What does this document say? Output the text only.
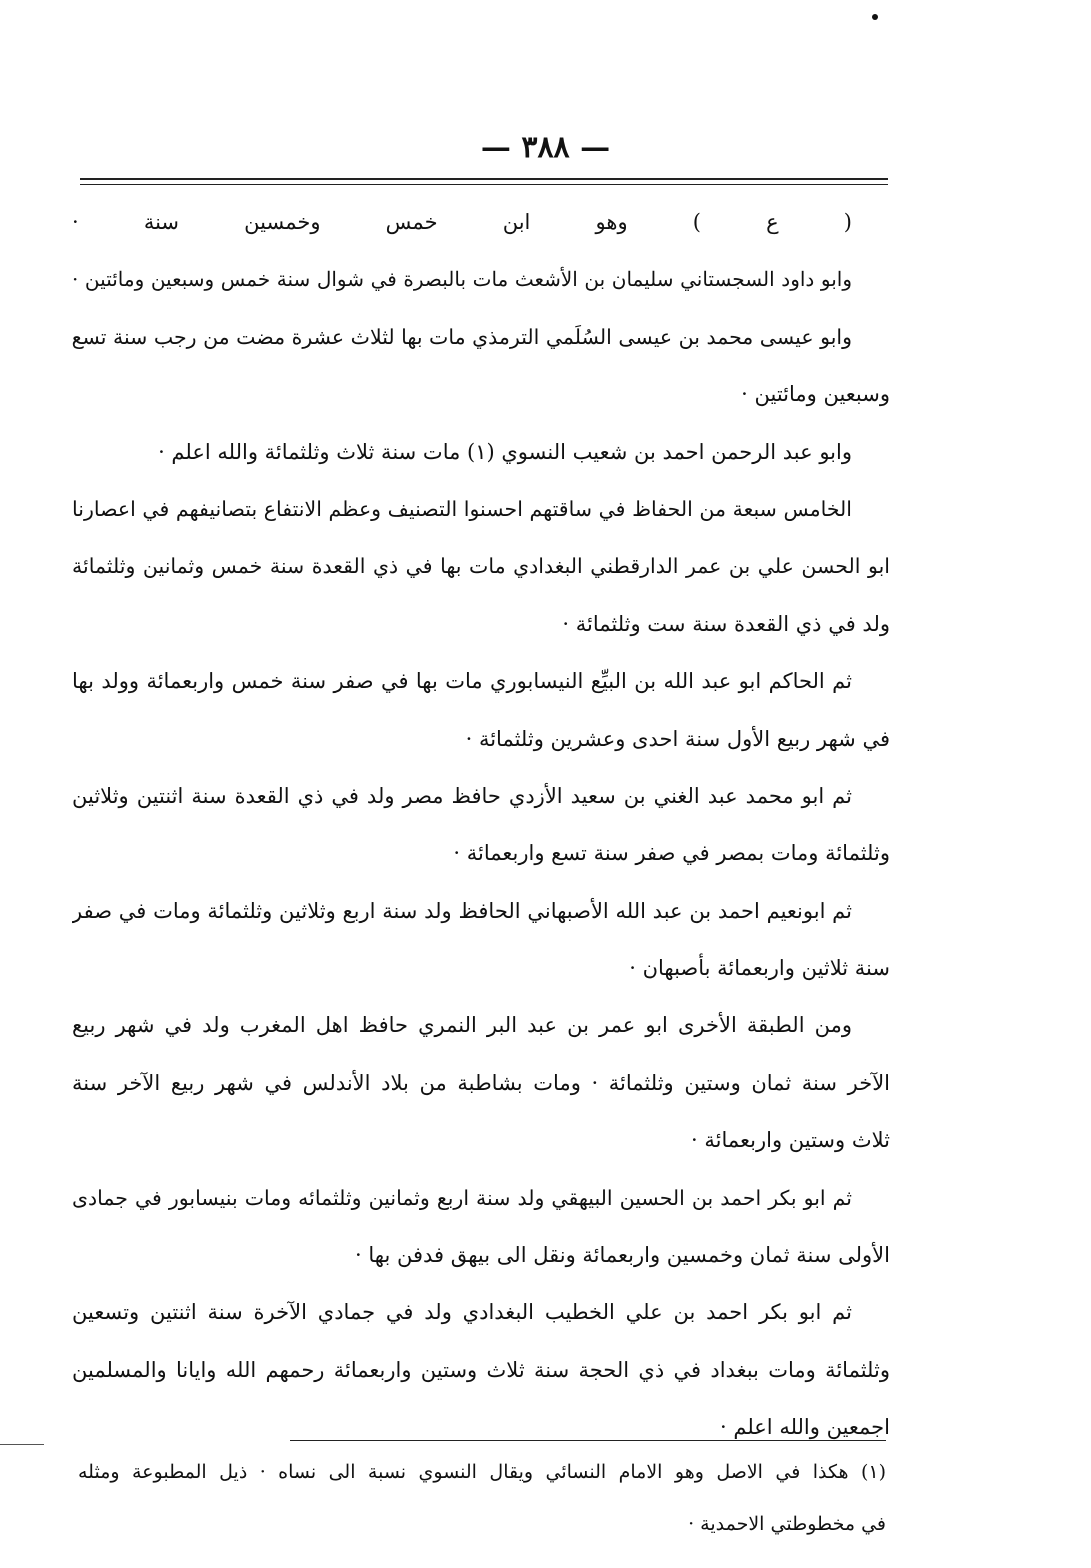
— ٣٨٨ —
( ع ) وهو ابن خمس وخمسين سنة ·
وابو داود السجستاني سليمان بن الأشعث مات بالبصرة في شوال سنة خمس وسبعين ومائتين ·
وابو عيسى محمد بن عيسى السُلَمي الترمذي مات بها لثلاث عشرة مضت من رجب سنة تسع
وسبعين ومائتين ·
وابو عبد الرحمن احمد بن شعيب النسوي (١) مات سنة ثلاث وثلثمائة والله اعلم ·
الخامس سبعة من الحفاظ في ساقتهم احسنوا التصنيف وعظم الانتفاع بتصانيفهم في اعصارنا
ابو الحسن علي بن عمر الدارقطني البغدادي مات بها في ذي القعدة سنة خمس وثمانين وثلثمائة
ولد في ذي القعدة سنة ست وثلثمائة ·
ثم الحاكم ابو عبد الله بن البيِّع النيسابوري مات بها في صفر سنة خمس واربعمائة وولد بها
في شهر ربيع الأول سنة احدى وعشرين وثلثمائة ·
ثم ابو محمد عبد الغني بن سعيد الأزدي حافظ مصر ولد في ذي القعدة سنة اثنتين وثلاثين
وثلثمائة ومات بمصر في صفر سنة تسع واربعمائة ·
ثم ابونعيم احمد بن عبد الله الأصبهاني الحافظ ولد سنة اربع وثلاثين وثلثمائة ومات في صفر
سنة ثلاثين واربعمائة بأصبهان ·
ومن الطبقة الأخرى ابو عمر بن عبد البر النمري حافظ اهل المغرب ولد في شهر ربيع
الآخر سنة ثمان وستين وثلثمائة · ومات بشاطبة من بلاد الأندلس في شهر ربيع الآخر سنة
ثلاث وستين واربعمائة ·
ثم ابو بكر احمد بن الحسين البيهقي ولد سنة اربع وثمانين وثلثمائه ومات بنيسابور في جمادى
الأولى سنة ثمان وخمسين واربعمائة ونقل الى بيهق فدفن بها ·
ثم ابو بكر احمد بن علي الخطيب البغدادي ولد في جمادي الآخرة سنة اثنتين وتسعين
وثلثمائة ومات ببغداد في ذي الحجة سنة ثلاث وستين واربعمائة رحمهم الله وايانا والمسلمين
اجمعين والله اعلم ·
(١) هكذا في الاصل وهو الامام النسائي ويقال النسوي نسبة الى نساه · ذيل المطبوعة ومثله
في مخطوطتي الاحمدية ·
